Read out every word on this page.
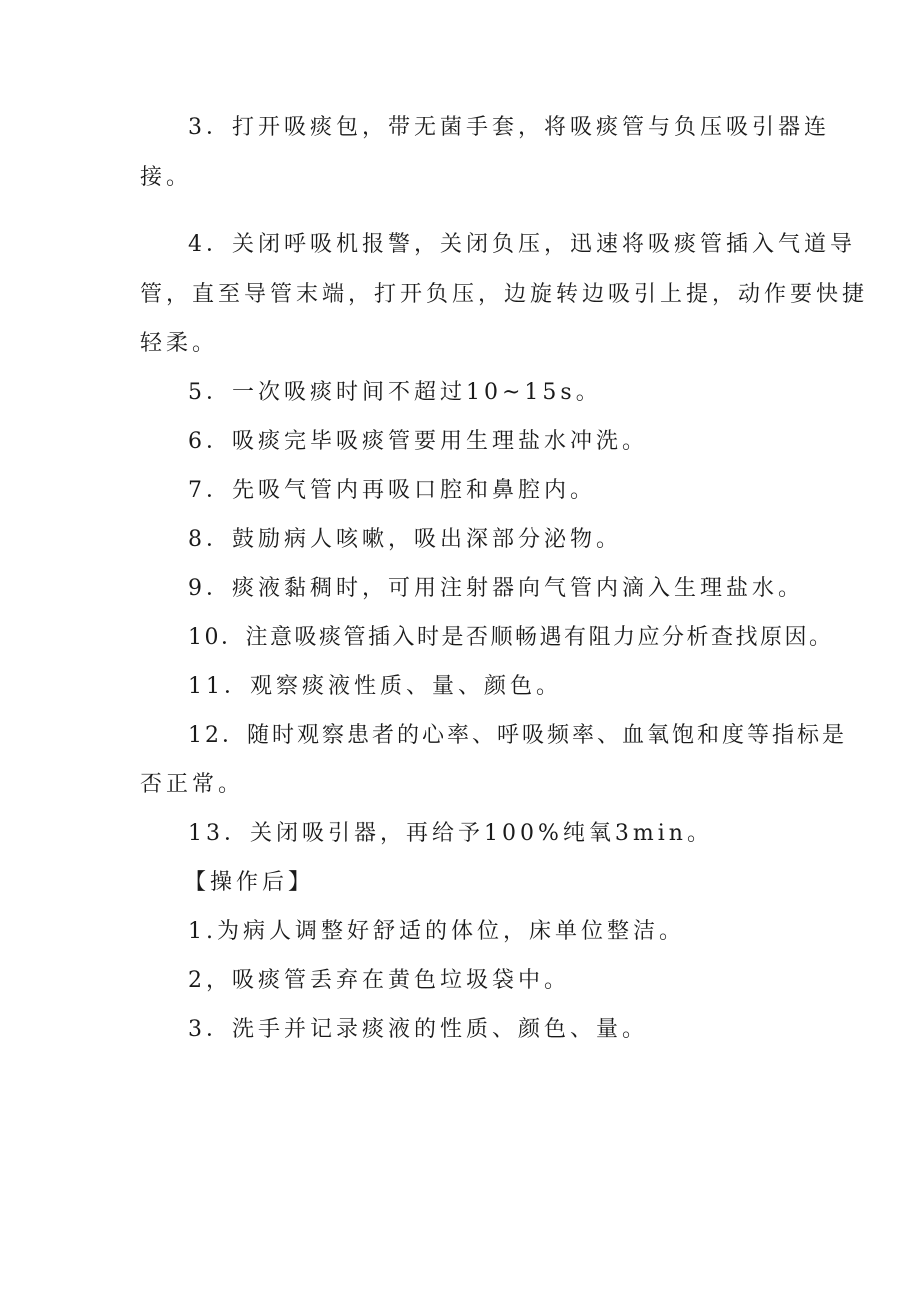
3．打开吸痰包，带无菌手套，将吸痰管与负压吸引器连
接。
4．关闭呼吸机报警，关闭负压，迅速将吸痰管插入气道导
管，直至导管末端，打开负压，边旋转边吸引上提，动作要快捷
轻柔。
5．一次吸痰时间不超过10~15s。
6．吸痰完毕吸痰管要用生理盐水冲洗。
7．先吸气管内再吸口腔和鼻腔内。
8．鼓励病人咳嗽，吸出深部分泌物。
9．痰液黏稠时，可用注射器向气管内滴入生理盐水。
10．注意吸痰管插入时是否顺畅遇有阻力应分析查找原因。
11．观察痰液性质、量、颜色。
12．随时观察患者的心率、呼吸频率、血氧饱和度等指标是
否正常。
13．关闭吸引器，再给予100%纯氧3min。
【操作后】
1.为病人调整好舒适的体位，床单位整洁。
2，吸痰管丢弃在黄色垃圾袋中。
3．洗手并记录痰液的性质、颜色、量。
